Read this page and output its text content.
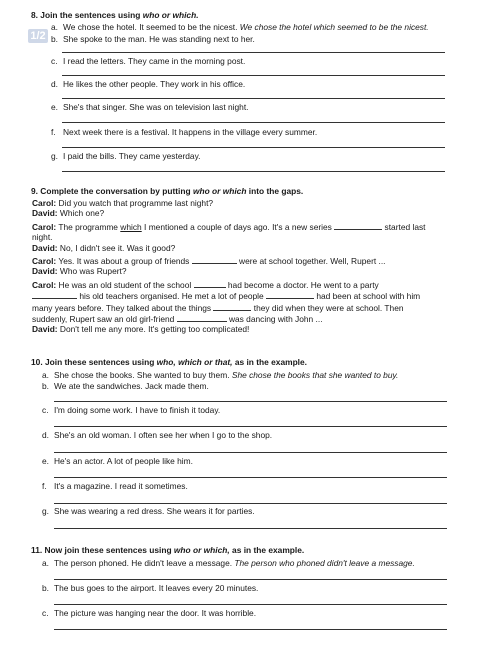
1/2
8. Join the sentences using who or which.
a. We chose the hotel. It seemed to be the nicest. We chose the hotel which seemed to be the nicest.
b. She spoke to the man. He was standing next to her.
c. I read the letters. They came in the morning post.
d. He likes the other people. They work in his office.
e. She's that singer. She was on television last night.
f. Next week there is a festival. It happens in the village every summer.
g. I paid the bills. They came yesterday.
9. Complete the conversation by putting who or which into the gaps.

Carol: Did you watch that programme last night?

David: Which one?

Carol: The programme which I mentioned a couple of days ago. It's a new series	started last

night.

David: No, I didn't see it. Was it good?

Carol: Yes. It was about a group of friends	were at school together. Well, Rupert ...

David: Who was Rupert?

Carol: He was an old student of the school	had become a doctor. He went to a party

his old teachers organised. He met a lot of people	had been at school with him

many years before. They talked about the things	they did when they were at school. Then

suddenly, Rupert saw an old girl-friend	was dancing with John ...

David: Don't tell me any more. It's getting too complicated!

10. Join these sentences using who, which or that, as in the example.
a. She chose the books. She wanted to buy them. She chose the books that she wanted to buy.
b. We ate the sandwiches. Jack made them.
c. I'm doing some work. I have to finish it today.
d. She's an old woman. I often see her when I go to the shop.
e. He's an actor. A lot of people like him.
f. It's a magazine. I read it sometimes.
g. She was wearing a red dress. She wears it for parties.
11. Now join these sentences using who or which, as in the example.
a. The person phoned. He didn't leave a message. The person who phoned didn't leave a message.
b. The bus goes to the airport. It leaves every 20 minutes.
c. The picture was hanging near the door. It was horrible.
